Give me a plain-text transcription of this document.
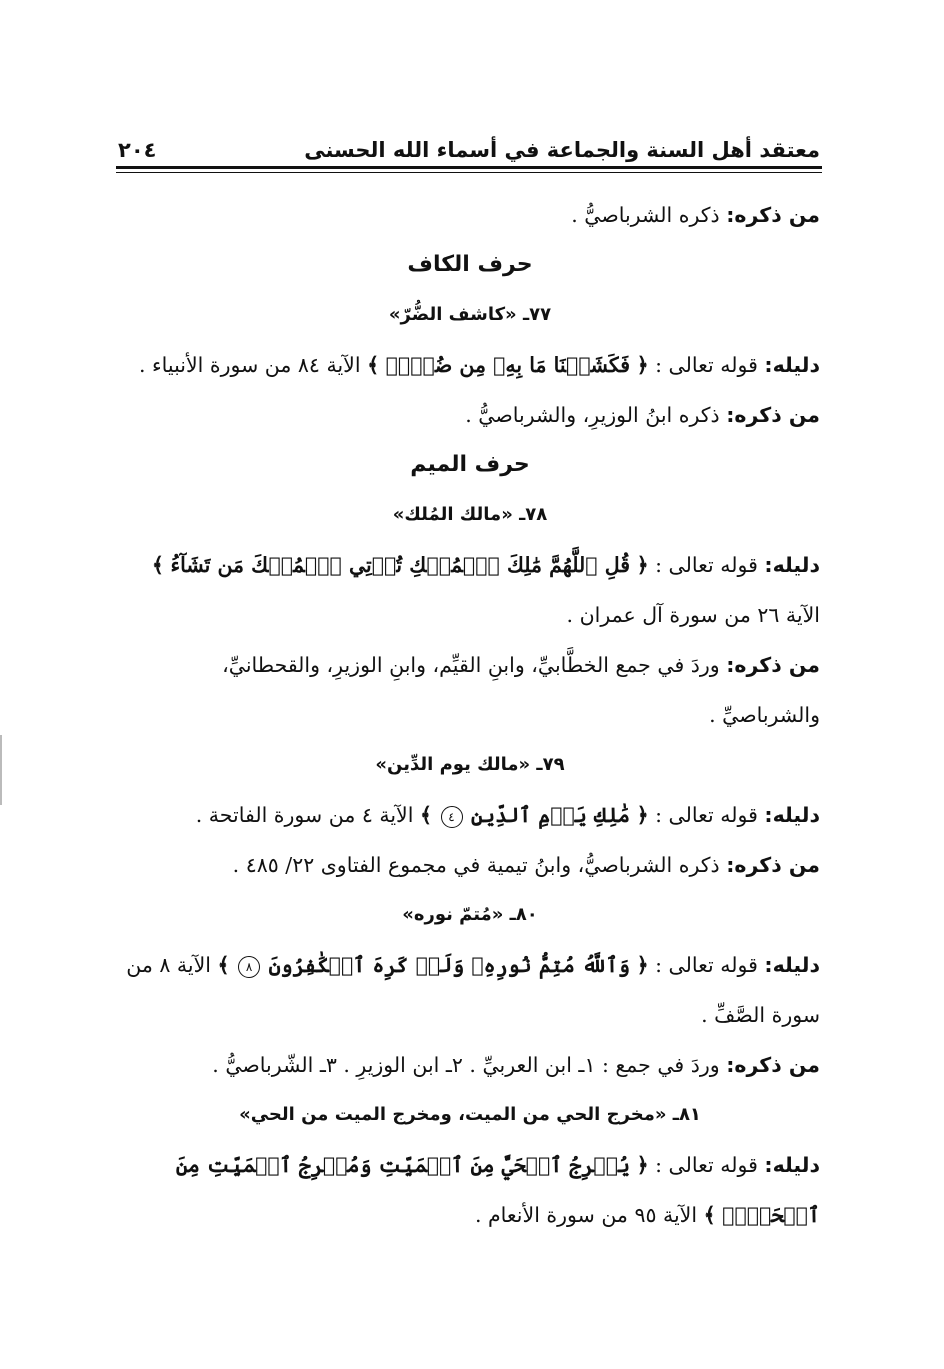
معتقد أهل السنة والجماعة في أسماء الله الحسنى
٢٠٤

من ذكره: ذكره الشرباصيُّ .

حرف الكاف

٧٧ـ «كاشف الضُّرّ»

دليله: قوله تعالى : ﴿ فَكَشَفۡنَا مَا بِهِۦ مِن ضُرٍّۖ ﴾ الآية ٨٤ من سورة الأنبياء .

من ذكره: ذكره ابنُ الوزيرِ، والشرباصيُّ .

حرف الميم

٧٨ـ «مالك المُلك»

دليله: قوله تعالى : ﴿ قُلِ ٱللَّهُمَّ مَٰلِكَ ٱلۡمُلۡكِ تُؤۡتِي ٱلۡمُلۡكَ مَن تَشَآءُ ﴾ الآية ٢٦ من سورة آل عمران .

من ذكره: وردَ في جمع الخطَّابيِّ، وابنِ القيِّم، وابنِ الوزيرِ، والقحطانيِّ، والشرباصيِّ .

٧٩ـ «مالك يوم الدِّين»

دليله: قوله تعالى : ﴿ مَٰلِكِ يَوۡمِ ٱلدِّينِ ٤ ﴾ الآية ٤ من سورة الفاتحة .

من ذكره: ذكره الشرباصيُّ، وابنُ تيمية في مجموع الفتاوى ٢٢/ ٤٨٥ .

٨٠ـ «مُتمّ نوره»

دليله: قوله تعالى : ﴿ وَٱللَّهُ مُتِمُّ نُورِهِۦ وَلَوۡ كَرِهَ ٱلۡكَٰفِرُونَ ٨ ﴾ الآية ٨ من سورة الصَّفِّ .

من ذكره: وردَ في جمع : ١ـ ابن العربيِّ . ٢ـ ابن الوزيرِ . ٣ـ الشّرباصيُّ .

٨١ـ «مخرج الحي من الميت، ومخرج الميت من الحي»

دليله: قوله تعالى : ﴿ يُخۡرِجُ ٱلۡحَيَّ مِنَ ٱلۡمَيِّتِ وَمُخۡرِجُ ٱلۡمَيِّتِ مِنَ ٱلۡحَيِّۚ ﴾ الآية ٩٥ من سورة الأنعام .
